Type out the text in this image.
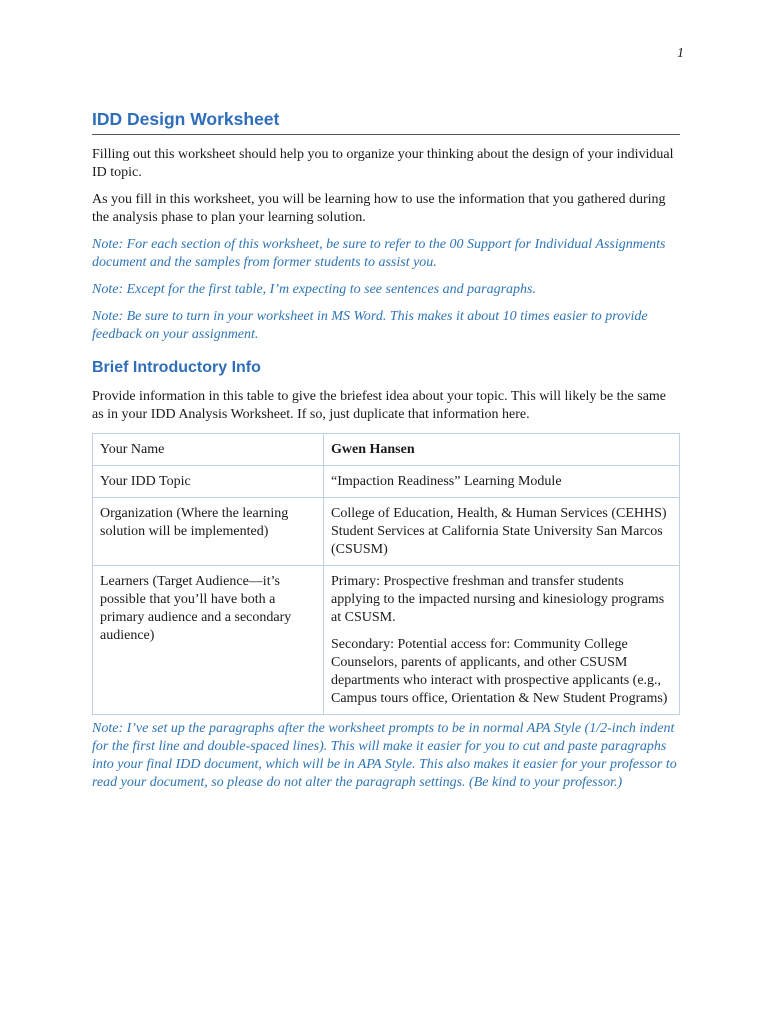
1
IDD Design Worksheet

Filling out this worksheet should help you to organize your thinking about the design of your individual ID topic.

As you fill in this worksheet, you will be learning how to use the information that you gathered during the analysis phase to plan your learning solution.

Note: For each section of this worksheet, be sure to refer to the 00 Support for Individual Assignments document and the samples from former students to assist you.

Note: Except for the first table, I’m expecting to see sentences and paragraphs.

Note: Be sure to turn in your worksheet in MS Word. This makes it about 10 times easier to provide feedback on your assignment.

Brief Introductory Info

Provide information in this table to give the briefest idea about your topic. This will likely be the same as in your IDD Analysis Worksheet. If so, just duplicate that information here.

Your Name	Gwen Hansen
Your IDD Topic	“Impaction Readiness” Learning Module
Organization (Where the learning solution will be implemented)	College of Education, Health, & Human Services (CEHHS) Student Services at California State University San Marcos (CSUSM)
Learners (Target Audience—it’s possible that you’ll have both a primary audience and a secondary audience)	Primary: Prospective freshman and transfer students applying to the impacted nursing and kinesiology programs at CSUSM.

Secondary: Potential access for: Community College Counselors, parents of applicants, and other CSUSM departments who interact with prospective applicants (e.g., Campus tours office, Orientation & New Student Programs)

Note: I’ve set up the paragraphs after the worksheet prompts to be in normal APA Style (1/2-inch indent for the first line and double-spaced lines). This will make it easier for you to cut and paste paragraphs into your final IDD document, which will be in APA Style. This also makes it easier for your professor to read your document, so please do not alter the paragraph settings. (Be kind to your professor.)
